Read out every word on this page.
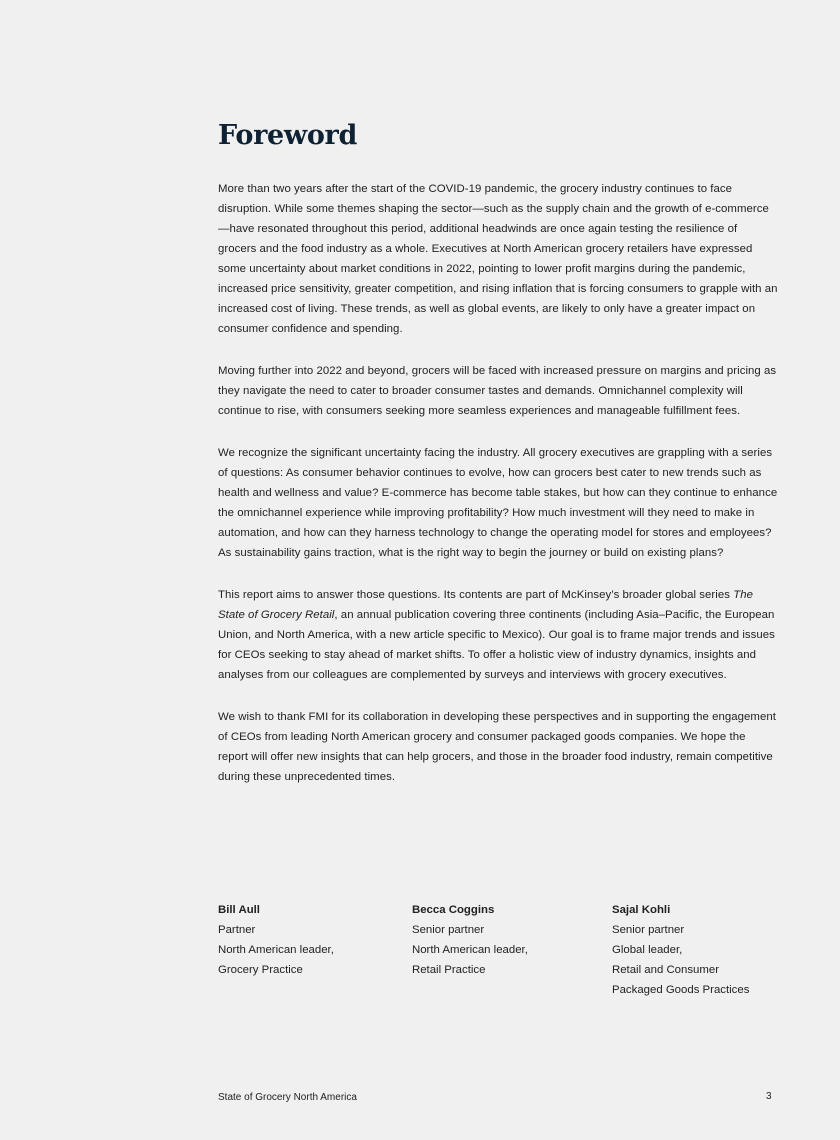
Foreword

More than two years after the start of the COVID-19 pandemic, the grocery industry continues to face disruption. While some themes shaping the sector—such as the supply chain and the growth of e-commerce—have resonated throughout this period, additional headwinds are once again testing the resilience of grocers and the food industry as a whole. Executives at North American grocery retailers have expressed some uncertainty about market conditions in 2022, pointing to lower profit margins during the pandemic, increased price sensitivity, greater competition, and rising inflation that is forcing consumers to grapple with an increased cost of living. These trends, as well as global events, are likely to only have a greater impact on consumer confidence and spending.

Moving further into 2022 and beyond, grocers will be faced with increased pressure on margins and pricing as they navigate the need to cater to broader consumer tastes and demands. Omnichannel complexity will continue to rise, with consumers seeking more seamless experiences and manageable fulfillment fees.

We recognize the significant uncertainty facing the industry. All grocery executives are grappling with a series of questions: As consumer behavior continues to evolve, how can grocers best cater to new trends such as health and wellness and value? E-commerce has become table stakes, but how can they continue to enhance the omnichannel experience while improving profitability? How much investment will they need to make in automation, and how can they harness technology to change the operating model for stores and employees? As sustainability gains traction, what is the right way to begin the journey or build on existing plans?

This report aims to answer those questions. Its contents are part of McKinsey’s broader global series The State of Grocery Retail, an annual publication covering three continents (including Asia–Pacific, the European Union, and North America, with a new article specific to Mexico). Our goal is to frame major trends and issues for CEOs seeking to stay ahead of market shifts. To offer a holistic view of industry dynamics, insights and analyses from our colleagues are complemented by surveys and interviews with grocery executives.

We wish to thank FMI for its collaboration in developing these perspectives and in supporting the engagement of CEOs from leading North American grocery and consumer packaged goods companies. We hope the report will offer new insights that can help grocers, and those in the broader food industry, remain competitive during these unprecedented times.

Bill Aull
Partner
North American leader,
Grocery Practice
Becca Coggins
Senior partner
North American leader,
Retail Practice
Sajal Kohli
Senior partner
Global leader,
Retail and Consumer
Packaged Goods Practices
State of Grocery North America	3
